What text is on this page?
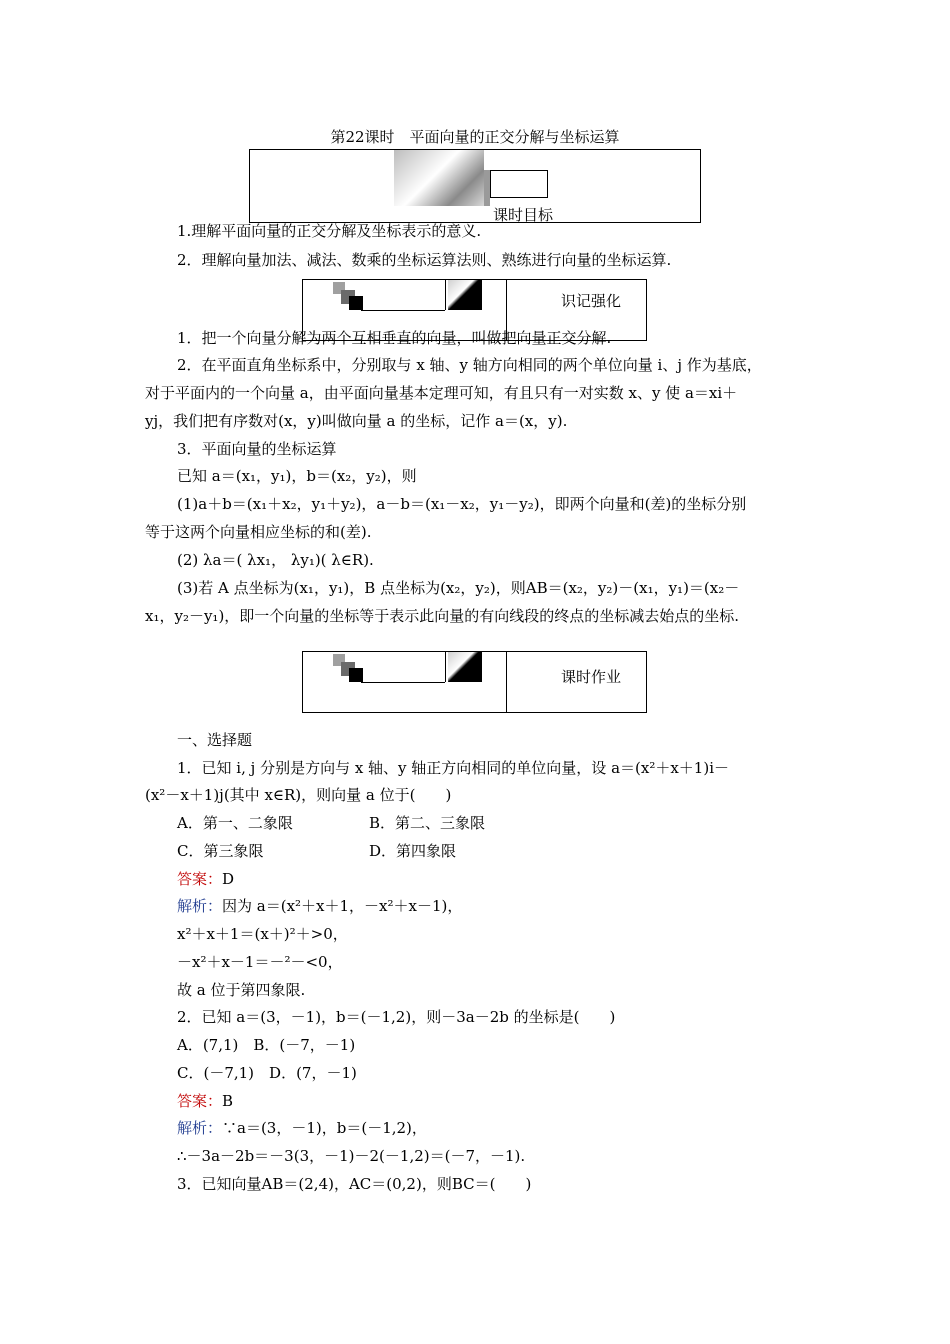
第22课时　平面向量的正交分解与坐标运算
课时目标
1.理解平面向量的正交分解及坐标表示的意义.
2．理解向量加法、减法、数乘的坐标运算法则、熟练进行向量的坐标运算.
识记强化
1．把一个向量分解为两个互相垂直的向量，叫做把向量正交分解.
2．在平面直角坐标系中，分别取与 x 轴、y 轴方向相同的两个单位向量 i、j 作为基底，
对于平面内的一个向量 a，由平面向量基本定理可知，有且只有一对实数 x、y 使 a＝xi＋
yj，我们把有序数对(x，y)叫做向量 a 的坐标，记作 a＝(x，y).
3．平面向量的坐标运算
已知 a＝(x₁，y₁)，b＝(x₂，y₂)，则
(1)a＋b＝(x₁＋x₂，y₁＋y₂)，a－b＝(x₁－x₂，y₁－y₂)，即两个向量和(差)的坐标分别
等于这两个向量相应坐标的和(差).
(2) λa＝( λx₁， λy₁)( λ∈R).
(3)若 A 点坐标为(x₁，y₁)，B 点坐标为(x₂，y₂)，则AB＝(x₂，y₂)－(x₁，y₁)＝(x₂－
x₁，y₂－y₁)，即一个向量的坐标等于表示此向量的有向线段的终点的坐标减去始点的坐标.
课时作业
一、选择题
1．已知 i, j 分别是方向与 x 轴、y 轴正方向相同的单位向量，设 a＝(x²＋x＋1)i－
(x²－x＋1)j(其中 x∈R)，则向量 a 位于(　　)
A．第一、二象限	B．第二、三象限
C．第三象限	D．第四象限
答案：D
解析：因为 a＝(x²＋x＋1，－x²＋x－1)，
x²＋x＋1＝(x＋)²＋>0，
－x²＋x－1＝－²－<0，
故 a 位于第四象限.
2．已知 a＝(3，－1)，b＝(－1,2)，则－3a－2b 的坐标是(　　)
A．(7,1)　B．(－7，－1)
C．(－7,1)　D．(7，－1)
答案：B
解析：∵a＝(3，－1)，b＝(－1,2)，
∴－3a－2b＝－3(3，－1)－2(－1,2)＝(－7，－1).
3．已知向量AB＝(2,4)，AC＝(0,2)，则BC＝(　　)
